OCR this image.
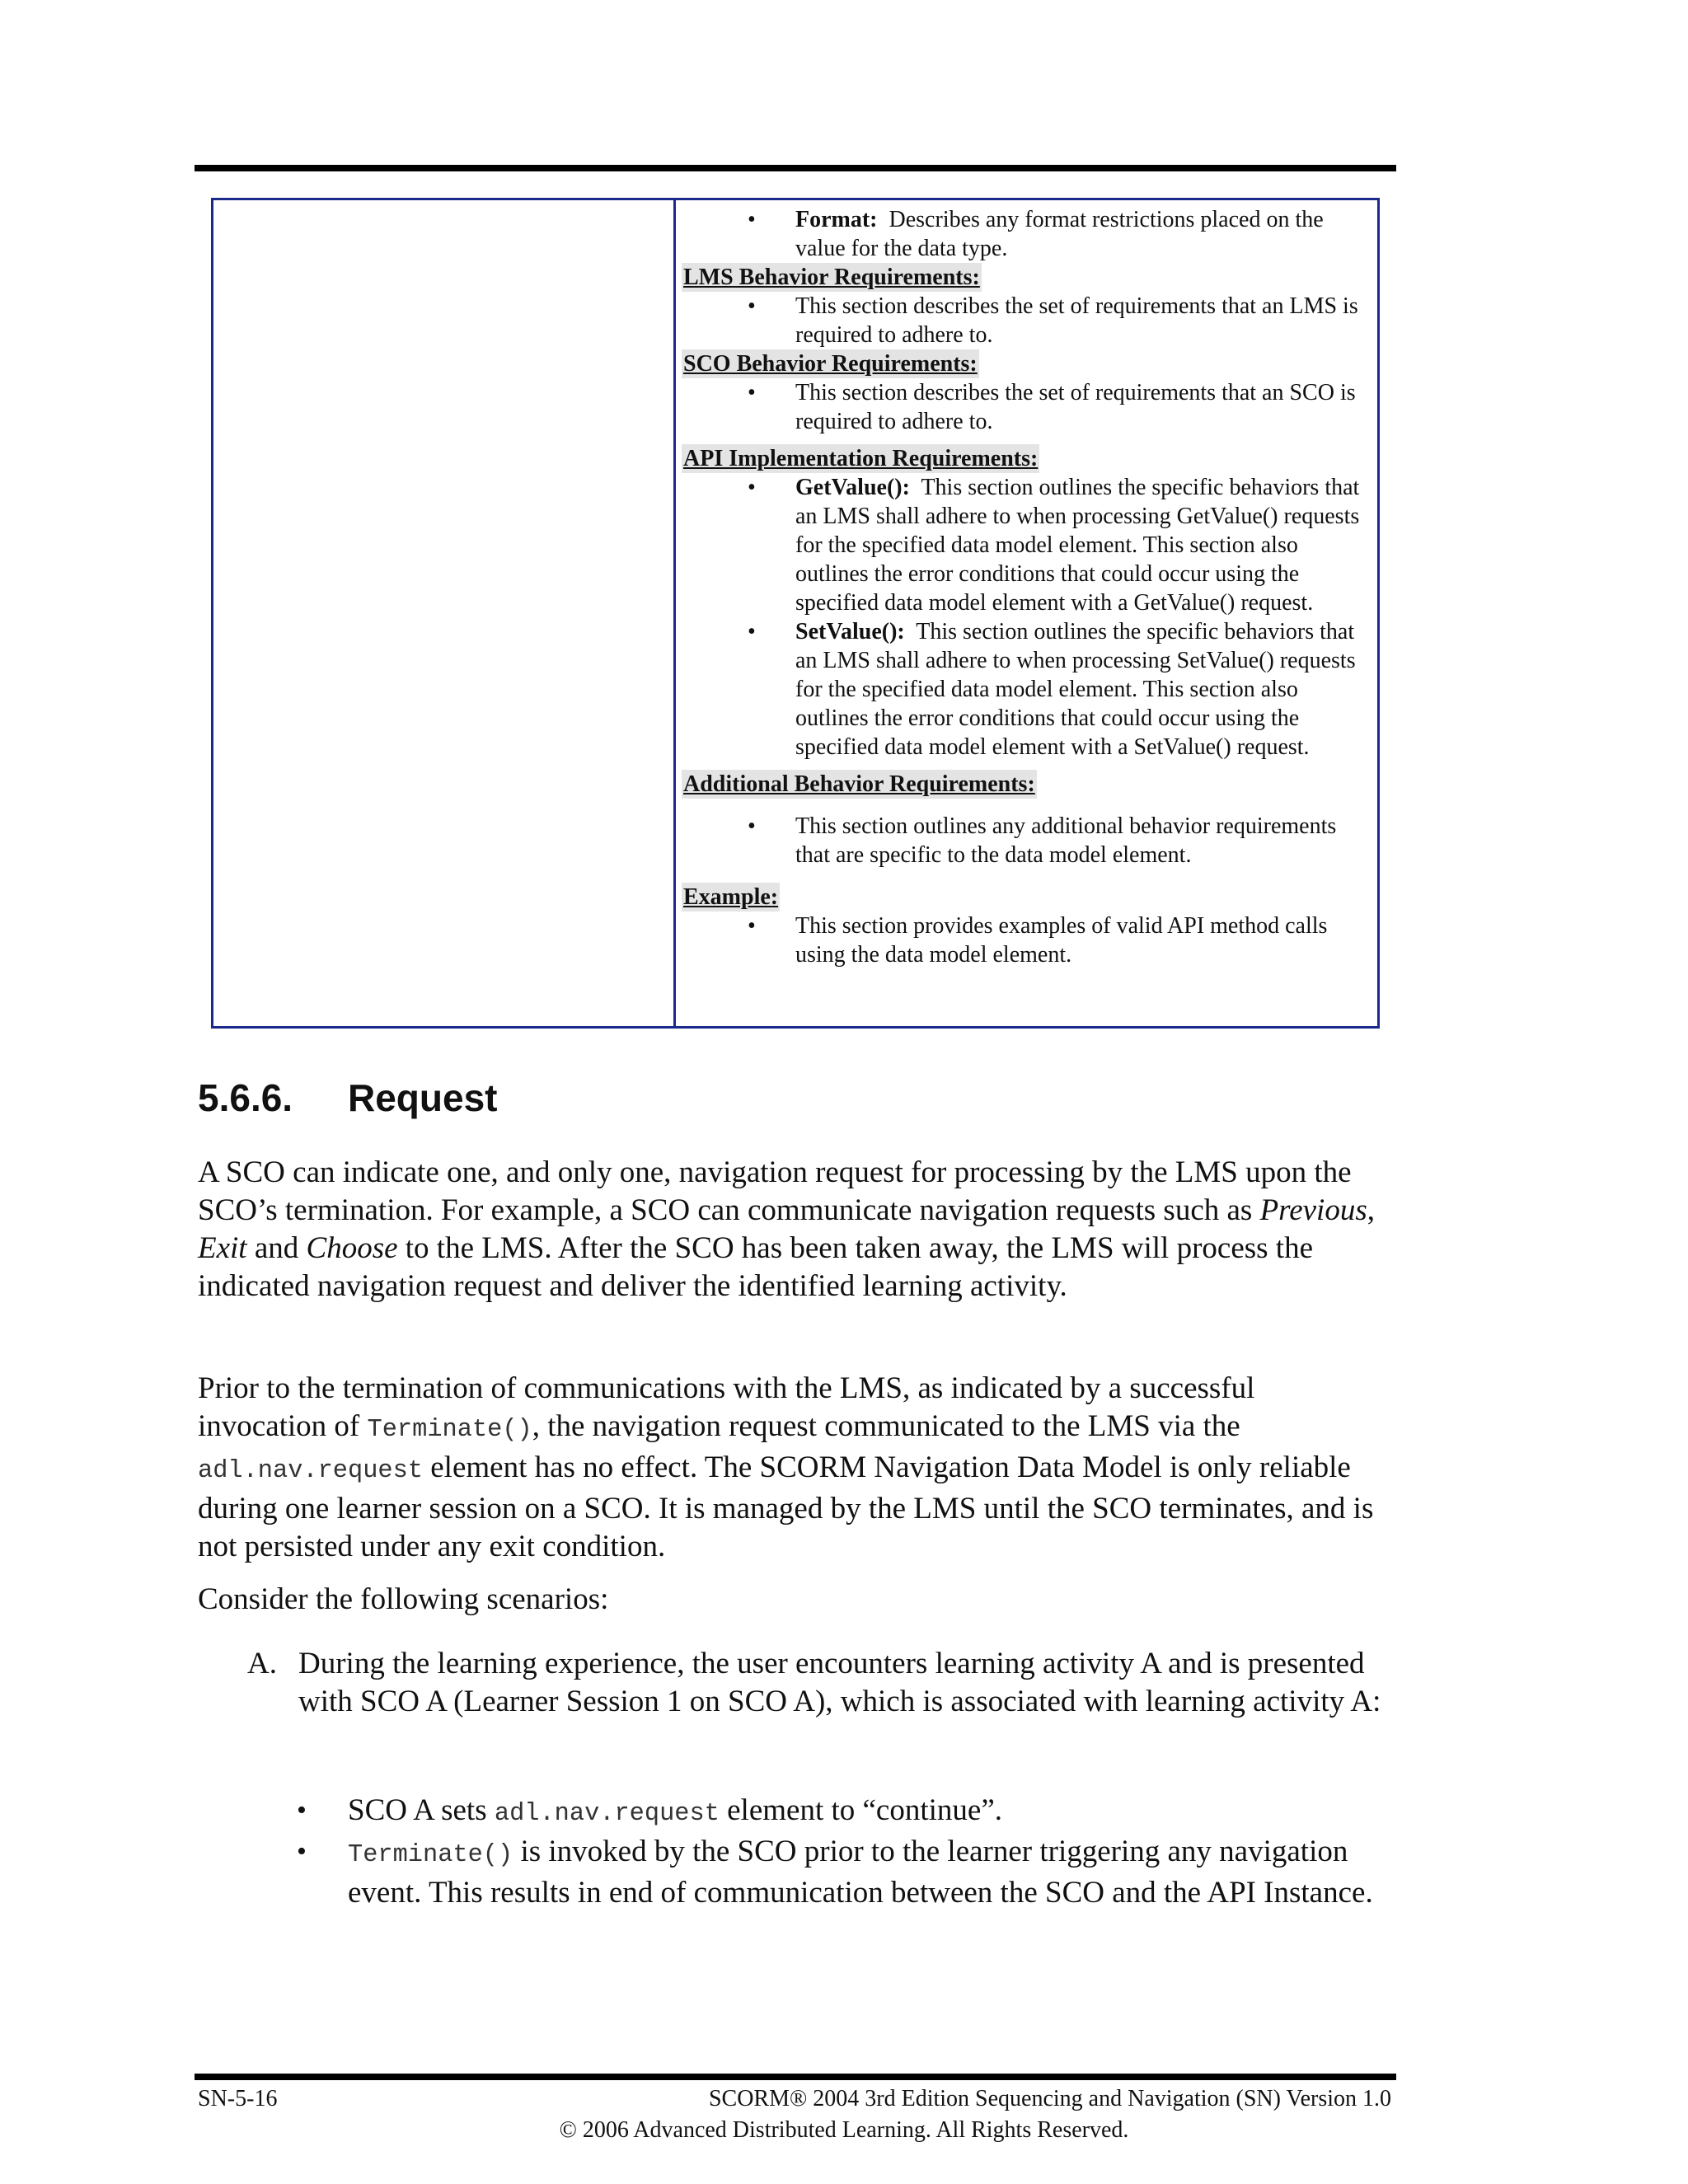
• Format: Describes any format restrictions placed on the value for the data type.
LMS Behavior Requirements:
• This section describes the set of requirements that an LMS is required to adhere to.
SCO Behavior Requirements:
• This section describes the set of requirements that an SCO is required to adhere to.
API Implementation Requirements:
• GetValue(): This section outlines the specific behaviors that an LMS shall adhere to when processing GetValue() requests for the specified data model element. This section also outlines the error conditions that could occur using the specified data model element with a GetValue() request.
• SetValue(): This section outlines the specific behaviors that an LMS shall adhere to when processing SetValue() requests for the specified data model element. This section also outlines the error conditions that could occur using the specified data model element with a SetValue() request.
Additional Behavior Requirements:
• This section outlines any additional behavior requirements that are specific to the data model element.
Example:
• This section provides examples of valid API method calls using the data model element.
5.6.6. Request

A SCO can indicate one, and only one, navigation request for processing by the LMS upon the SCO’s termination. For example, a SCO can communicate navigation requests such as Previous, Exit and Choose to the LMS. After the SCO has been taken away, the LMS will process the indicated navigation request and deliver the identified learning activity.

Prior to the termination of communications with the LMS, as indicated by a successful invocation of Terminate(), the navigation request communicated to the LMS via the adl.nav.request element has no effect. The SCORM Navigation Data Model is only reliable during one learner session on a SCO. It is managed by the LMS until the SCO terminates, and is not persisted under any exit condition.

Consider the following scenarios:

A. During the learning experience, the user encounters learning activity A and is presented with SCO A (Learner Session 1 on SCO A), which is associated with learning activity A:
• SCO A sets adl.nav.request element to “continue”.
• Terminate() is invoked by the SCO prior to the learner triggering any navigation event. This results in end of communication between the SCO and the API Instance.
SN-5-16	SCORM® 2004 3rd Edition Sequencing and Navigation (SN) Version 1.0
© 2006 Advanced Distributed Learning. All Rights Reserved.
